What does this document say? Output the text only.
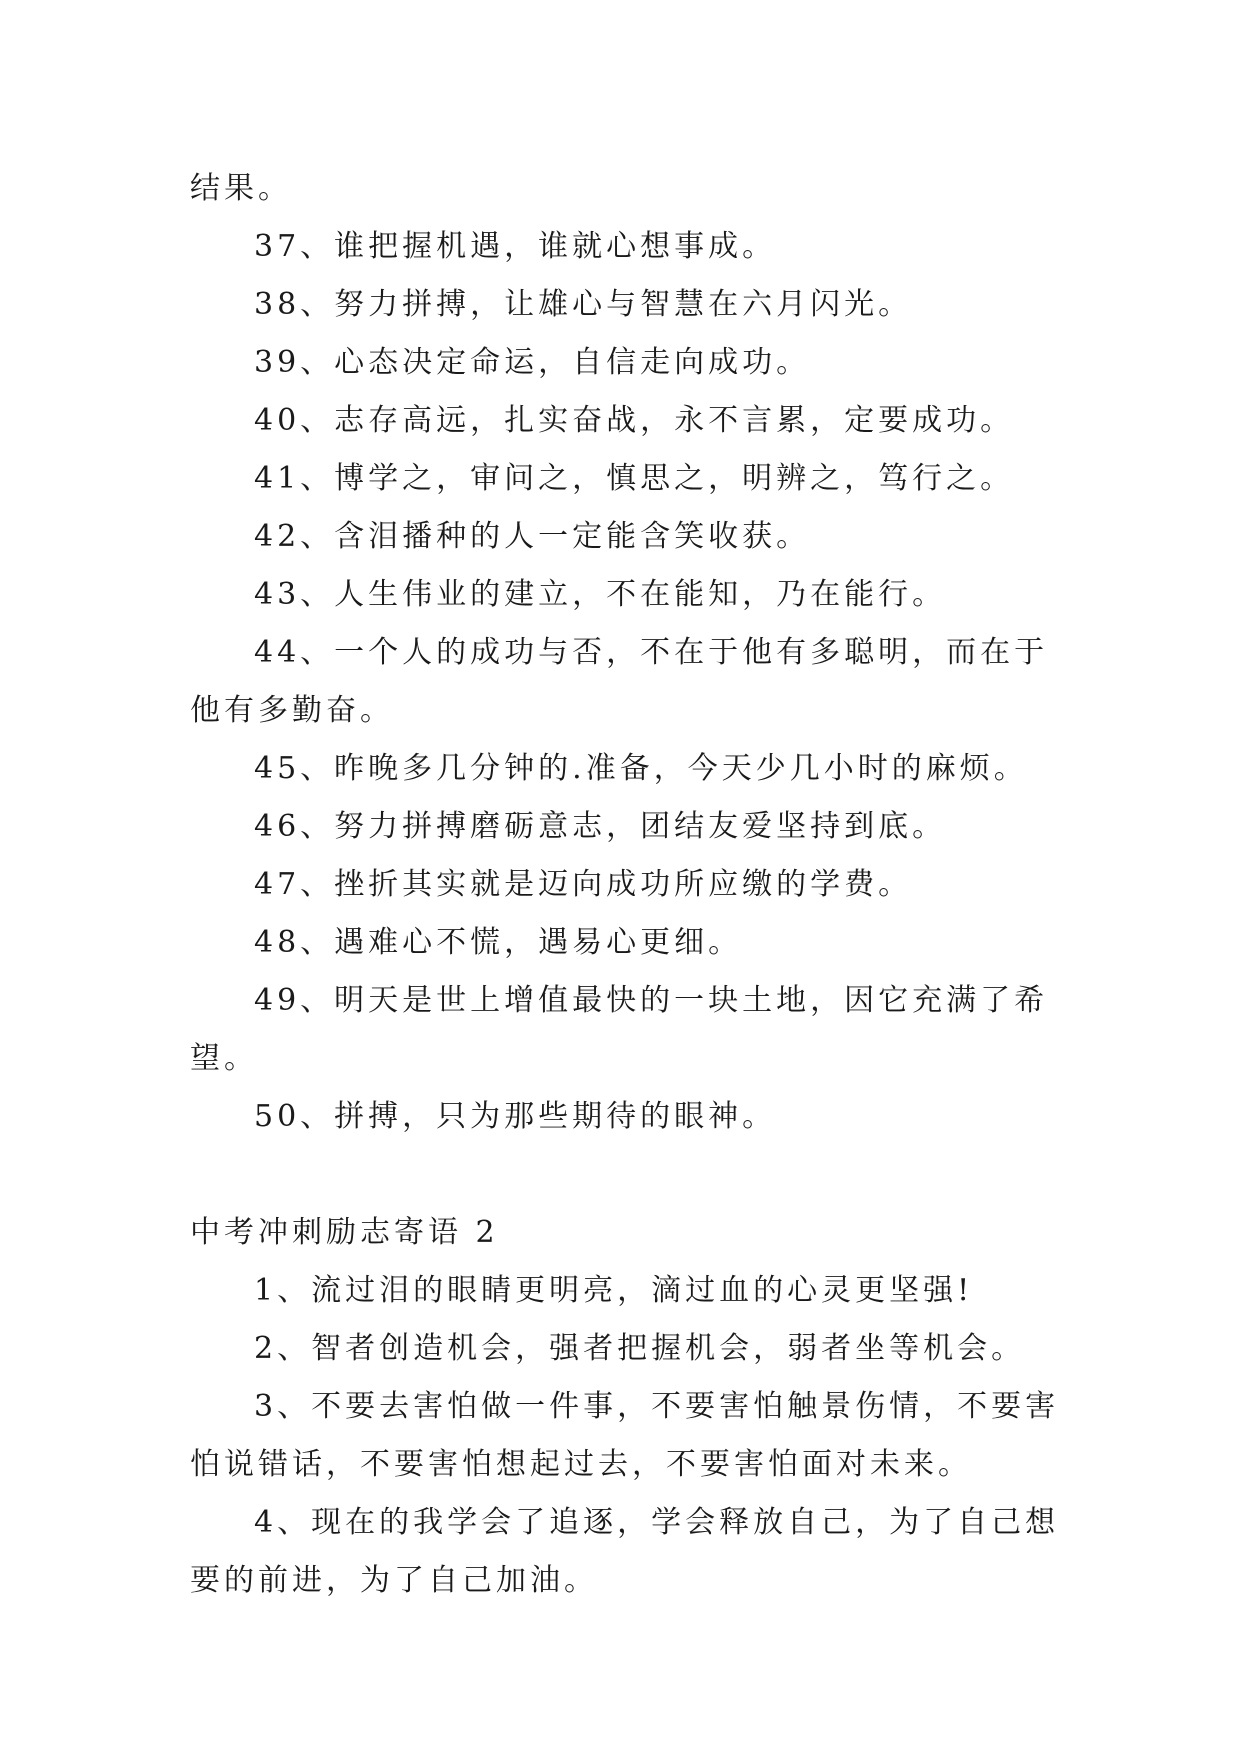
结果。

37、谁把握机遇，谁就心想事成。

38、努力拼搏，让雄心与智慧在六月闪光。

39、心态决定命运，自信走向成功。

40、志存高远，扎实奋战，永不言累，定要成功。

41、博学之，审问之，慎思之，明辨之，笃行之。

42、含泪播种的人一定能含笑收获。

43、人生伟业的建立，不在能知，乃在能行。

44、一个人的成功与否，不在于他有多聪明，而在于他有多勤奋。

45、昨晚多几分钟的.准备，今天少几小时的麻烦。

46、努力拼搏磨砺意志，团结友爱坚持到底。

47、挫折其实就是迈向成功所应缴的学费。

48、遇难心不慌，遇易心更细。

49、明天是世上增值最快的一块土地，因它充满了希望。

50、拼搏，只为那些期待的眼神。

中考冲刺励志寄语 2

1、流过泪的眼睛更明亮，滴过血的心灵更坚强!

2、智者创造机会，强者把握机会，弱者坐等机会。

3、不要去害怕做一件事，不要害怕触景伤情，不要害怕说错话，不要害怕想起过去，不要害怕面对未来。

4、现在的我学会了追逐，学会释放自己，为了自己想要的前进，为了自己加油。
